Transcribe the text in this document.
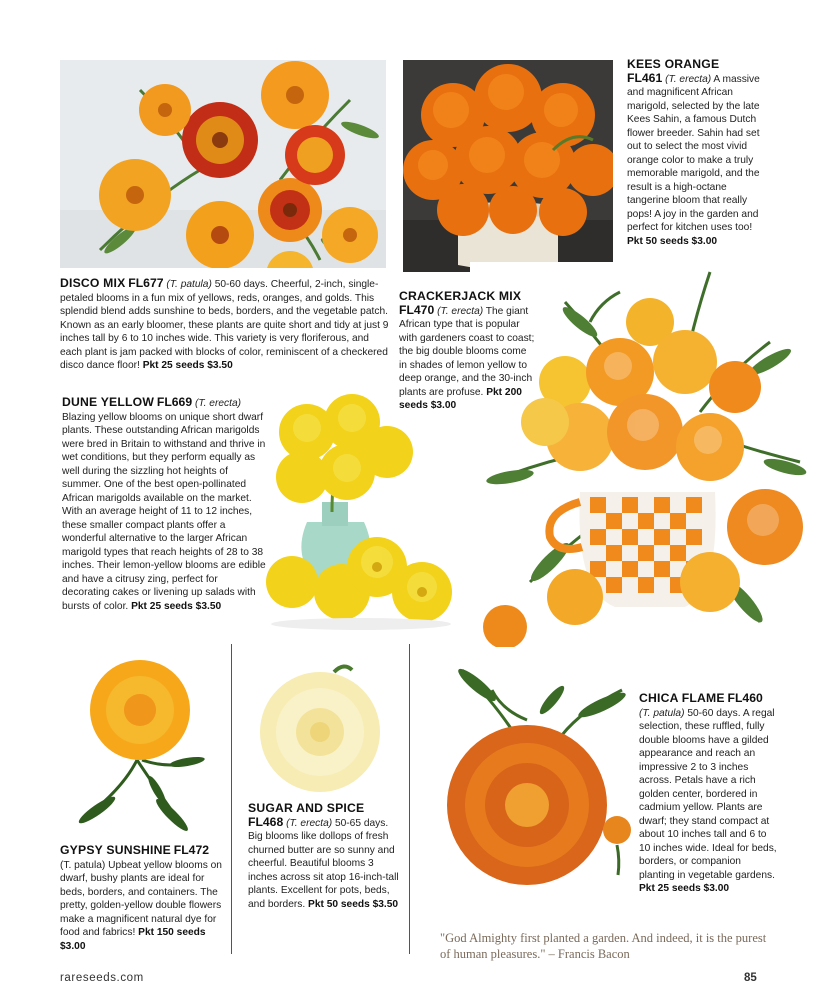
KEES ORANGE
FL461 (T. erecta) A massive and magnificent African marigold, selected by the late Kees Sahin, a famous Dutch flower breeder. Sahin had set out to select the most vivid orange color to make a truly memorable marigold, and the result is a high-octane tangerine bloom that really pops! A joy in the garden and perfect for kitchen uses too! Pkt 50 seeds $3.00
DISCO MIX FL677 (T. patula) 50-60 days. Cheerful, 2-inch, single-petaled blooms in a fun mix of yellows, reds, oranges, and golds. This splendid blend adds sunshine to beds, borders, and the vegetable patch. Known as an early bloomer, these plants are quite short and tidy at just 9 inches tall by 6 to 10 inches wide. This variety is very floriferous, and each plant is jam packed with blocks of color, reminiscent of a checkered disco dance floor! Pkt 25 seeds $3.50
CRACKERJACK MIX
FL470 (T. erecta) The giant African type that is popular with gardeners coast to coast; the big double blooms come in shades of lemon yellow to deep orange, and the 30-inch plants are profuse. Pkt 200 seeds $3.00
DUNE YELLOW FL669 (T. erecta)
Blazing yellow blooms on unique short dwarf plants. These outstanding African marigolds were bred in Britain to withstand and thrive in wet conditions, but they perform equally as well during the sizzling hot heights of summer. One of the best open-pollinated African marigolds available on the market. With an average height of 11 to 12 inches, these smaller compact plants offer a wonderful alternative to the larger African marigold types that reach heights of 28 to 38 inches. Their lemon-yellow blooms are edible and have a citrusy zing, perfect for decorating cakes or livening up salads with bursts of color. Pkt 25 seeds $3.50
GYPSY SUNSHINE FL472
(T. patula) Upbeat yellow blooms on dwarf, bushy plants are ideal for beds, borders, and containers. The pretty, golden-yellow double flowers make a magnificent natural dye for food and fabrics! Pkt 150 seeds $3.00
SUGAR AND SPICE
FL468 (T. erecta) 50-65 days. Big blooms like dollops of fresh churned butter are so sunny and cheerful. Beautiful blooms 3 inches across sit atop 16-inch-tall plants. Excellent for pots, beds, and borders. Pkt 50 seeds $3.50
CHICA FLAME FL460
(T. patula) 50-60 days. A regal selection, these ruffled, fully double blooms have a gilded appearance and reach an impressive 2 to 3 inches across. Petals have a rich golden center, bordered in cadmium yellow. Plants are dwarf; they stand compact at about 10 inches tall and 6 to 10 inches wide. Ideal for beds, borders, or companion planting in vegetable gardens. Pkt 25 seeds $3.00
"God Almighty first planted a garden. And indeed, it is the purest of human pleasures." – Francis Bacon
rareseeds.com	85
